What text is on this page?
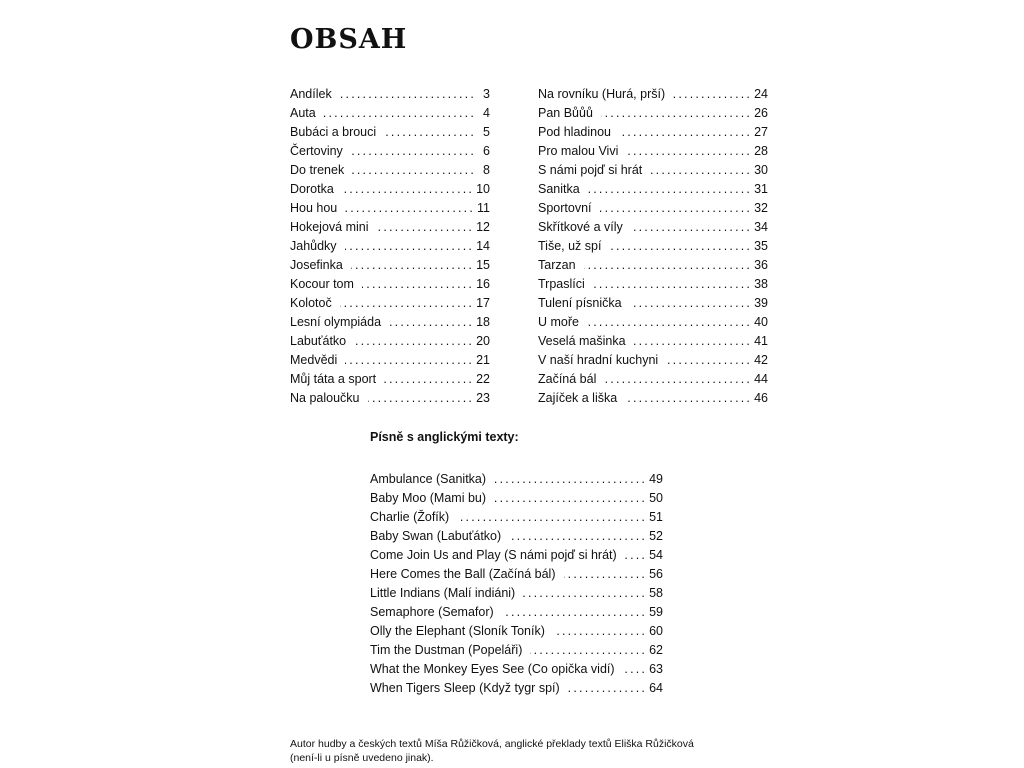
OBSAH
Andílek .....	3
Auta .....	4
Bubáci a brouci .....	5
Čertoviny .....	6
Do trenek .....	8
Dorotka .....	10
Hou hou .....	11
Hokejová mini .....	12
Jahůdky .....	14
Josefinka .....	15
Kocour tom .....	16
Kolotoč .....	17
Lesní olympiáda .....	18
Labuťátko .....	20
Medvědi .....	21
Můj táta a sport .....	22
Na paloučku .....	23
Na rovníku (Hurá, prší) .....	24
Pan Bůůů .....	26
Pod hladinou .....	27
Pro malou Vivi .....	28
S námi pojď si hrát .....	30
Sanitka .....	31
Sportovní .....	32
Skřítkové a víly .....	34
Tiše, už spí .....	35
Tarzan .....	36
Trpaslíci .....	38
Tulení písnička .....	39
U moře .....	40
Veselá mašinka .....	41
V naší hradní kuchyni .....	42
Začíná bál .....	44
Zajíček a liška .....	46
Písně s anglickými texty:
Ambulance (Sanitka) .....	49
Baby Moo (Mami bu) .....	50
Charlie (Žofík) .....	51
Baby Swan (Labuťátko) .....	52
Come Join Us and Play (S námi pojď si hrát) .....	54
Here Comes the Ball (Začíná bál) .....	56
Little Indians (Malí indiáni) .....	58
Semaphore (Semafor) .....	59
Olly the Elephant (Sloník Toník) .....	60
Tim the Dustman (Popeláři) .....	62
What the Monkey Eyes See (Co opička vidí) .....	63
When Tigers Sleep (Když tygr spí) .....	64
Autor hudby a českých textů Míša Růžičková, anglické překlady textů Eliška Růžičková
(není-li u písně uvedeno jinak).
